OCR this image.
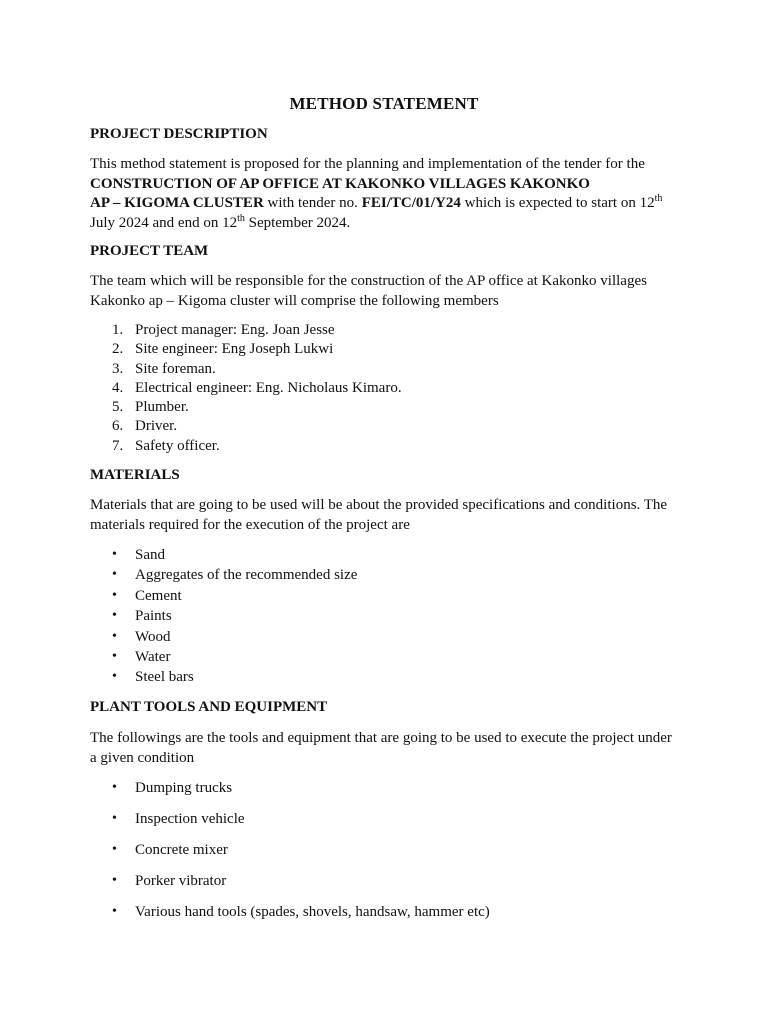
METHOD STATEMENT
PROJECT DESCRIPTION
This method statement is proposed for the planning and implementation of the tender for the
CONSTRUCTION OF AP OFFICE AT KAKONKO VILLAGES KAKONKO
AP – KIGOMA CLUSTER with tender no. FEI/TC/01/Y24 which is expected to start on 12th
July 2024 and end on 12th September 2024.
PROJECT TEAM
The team which will be responsible for the construction of the AP office at Kakonko villages
Kakonko ap – Kigoma cluster will comprise the following members
1. Project manager: Eng. Joan Jesse
2. Site engineer: Eng Joseph Lukwi
3. Site foreman.
4. Electrical engineer: Eng. Nicholaus Kimaro.
5. Plumber.
6. Driver.
7. Safety officer.
MATERIALS
Materials that are going to be used will be about the provided specifications and conditions. The
materials required for the execution of the project are
• Sand
• Aggregates of the recommended size
• Cement
• Paints
• Wood
• Water
• Steel bars
PLANT TOOLS AND EQUIPMENT
The followings are the tools and equipment that are going to be used to execute the project under
a given condition
• Dumping trucks
• Inspection vehicle
• Concrete mixer
• Porker vibrator
• Various hand tools (spades, shovels, handsaw, hammer etc)
